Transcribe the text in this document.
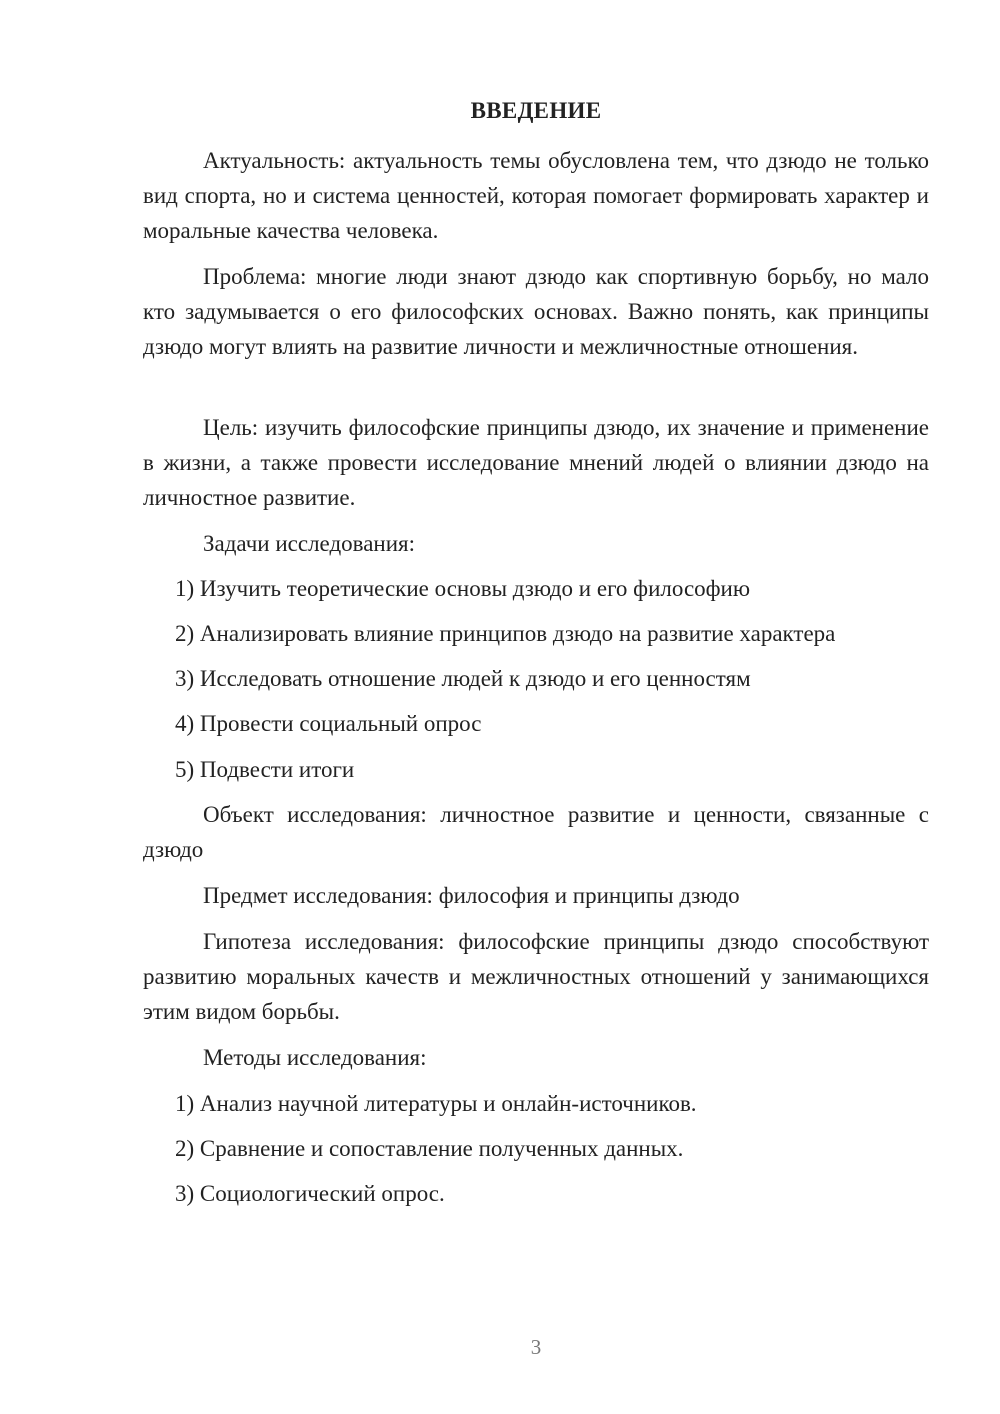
ВВЕДЕНИЕ

Актуальность: актуальность темы обусловлена тем, что дзюдо не только вид спорта, но и система ценностей, которая помогает формировать характер и моральные качества человека.

Проблема: многие люди знают дзюдо как спортивную борьбу, но мало кто задумывается о его философских основах. Важно понять, как принципы дзюдо могут влиять на развитие личности и межличностные отношения.

Цель: изучить философские принципы дзюдо, их значение и применение в жизни, а также провести исследование мнений людей о влиянии дзюдо на личностное развитие.

Задачи исследования:

1) Изучить теоретические основы дзюдо и его философию
2) Анализировать влияние принципов дзюдо на развитие характера
3) Исследовать отношение людей к дзюдо и его ценностям
4) Провести социальный опрос
5) Подвести итоги

Объект исследования: личностное развитие и ценности, связанные с дзюдо

Предмет исследования: философия и принципы дзюдо

Гипотеза исследования: философские принципы дзюдо способствуют развитию моральных качеств и межличностных отношений у занимающихся этим видом борьбы.

Методы исследования:

1) Анализ научной литературы и онлайн-источников.
2) Сравнение и сопоставление полученных данных.
3) Социологический опрос.
3
